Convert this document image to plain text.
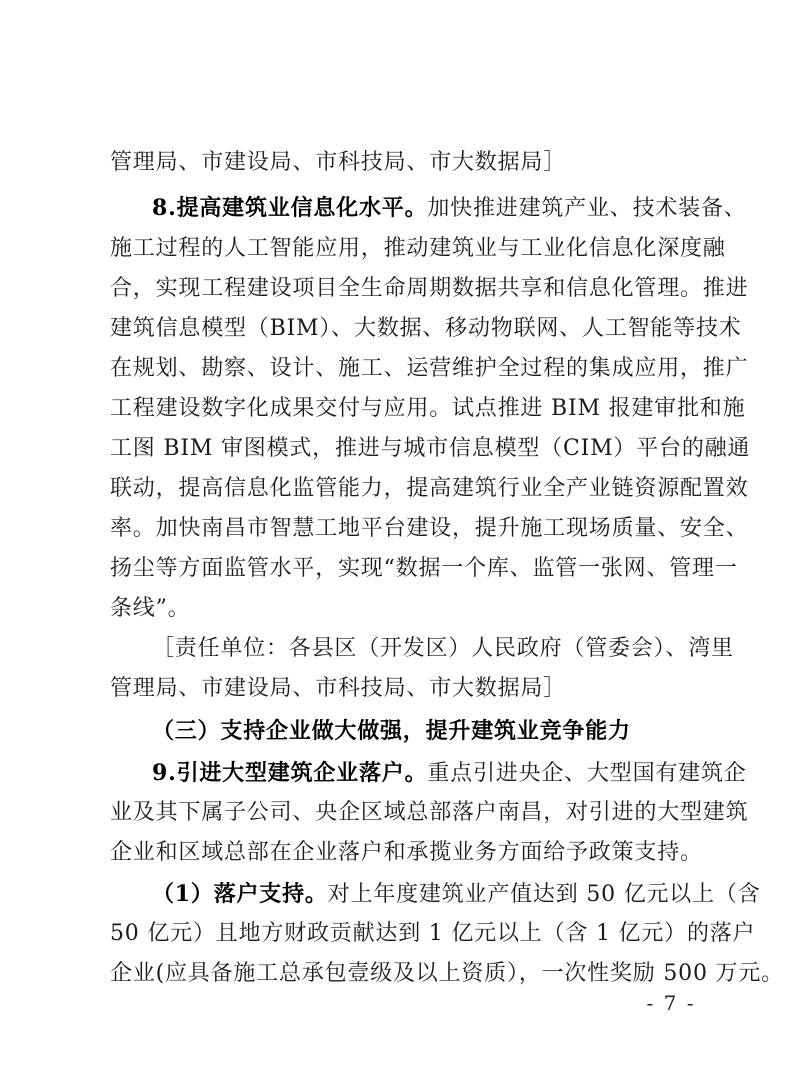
管理局、市建设局、市科技局、市大数据局］
8.提高建筑业信息化水平。加快推进建筑产业、技术装备、
施工过程的人工智能应用，推动建筑业与工业化信息化深度融
合，实现工程建设项目全生命周期数据共享和信息化管理。推进
建筑信息模型（BIM）、大数据、移动物联网、人工智能等技术
在规划、勘察、设计、施工、运营维护全过程的集成应用，推广
工程建设数字化成果交付与应用。试点推进 BIM 报建审批和施
工图 BIM 审图模式，推进与城市信息模型（CIM）平台的融通
联动，提高信息化监管能力，提高建筑行业全产业链资源配置效
率。加快南昌市智慧工地平台建设，提升施工现场质量、安全、
扬尘等方面监管水平，实现“数据一个库、监管一张网、管理一
条线”。
［责任单位：各县区（开发区）人民政府（管委会）、湾里
管理局、市建设局、市科技局、市大数据局］
（三）支持企业做大做强，提升建筑业竞争能力
9.引进大型建筑企业落户。重点引进央企、大型国有建筑企
业及其下属子公司、央企区域总部落户南昌，对引进的大型建筑
企业和区域总部在企业落户和承揽业务方面给予政策支持。
（1）落户支持。对上年度建筑业产值达到 50 亿元以上（含
50 亿元）且地方财政贡献达到 1 亿元以上（含 1 亿元）的落户
企业(应具备施工总承包壹级及以上资质），一次性奖励 500 万元。
- 7 -
